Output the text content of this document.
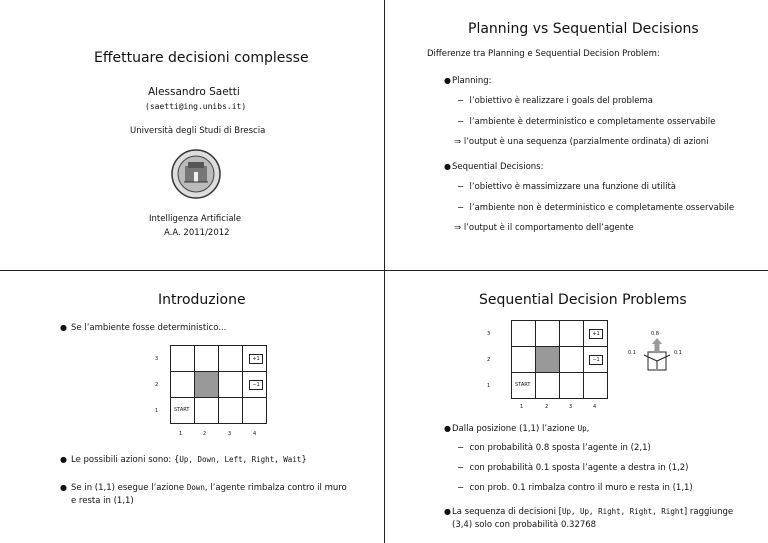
Effettuare decisioni complesse
Alessandro Saetti
(saetti@ing.unibs.it)
Università degli Studi di Brescia
Intelligenza Artificiale
A.A. 2011/2012
Planning vs Sequential Decisions
Differenze tra Planning e Sequential Decision Problem:
● Planning:
− l’obiettivo è realizzare i goals del problema
− l’ambiente è deterministico e completamente osservabile
⇒ l’output è una sequenza (parzialmente ordinata) di azioni
● Sequential Decisions:
− l’obiettivo è massimizzare una funzione di utilità
− l’ambiente non è deterministico e completamente osservabile
⇒ l’output è il comportamento dell’agente
Introduzione
● Se l’ambiente fosse deterministico...
+1
−1
START
3
2
1
1	2	3	4
● Le possibili azioni sono: {Up, Down, Left, Right, Wait}
● Se in (1,1) esegue l’azione Down, l’agente rimbalza contro il muro
e resta in (1,1)
Sequential Decision Problems
+1
−1
START
3
2
1
1	2	3	4
0.8
0.1	0.1
● Dalla posizione (1,1) l’azione Up,
− con probabilità 0.8 sposta l’agente in (2,1)
− con probabilità 0.1 sposta l’agente a destra in (1,2)
− con prob. 0.1 rimbalza contro il muro e resta in (1,1)
● La sequenza di decisioni [Up, Up, Right, Right, Right] raggiunge
(3,4) solo con probabilità 0.32768
